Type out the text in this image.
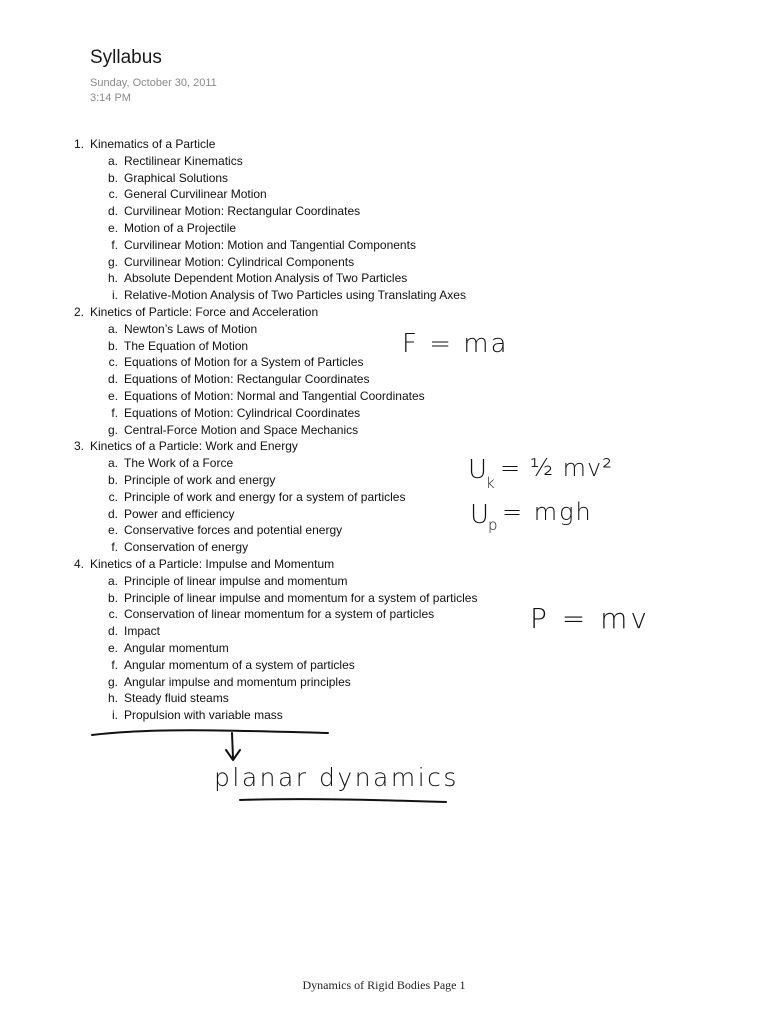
Syllabus
Sunday, October 30, 2011
3:14 PM
1. Kinematics of a Particle
a. Rectilinear Kinematics
b. Graphical Solutions
c. General Curvilinear Motion
d. Curvilinear Motion: Rectangular Coordinates
e. Motion of a Projectile
f. Curvilinear Motion: Motion and Tangential Components
g. Curvilinear Motion: Cylindrical Components
h. Absolute Dependent Motion Analysis of Two Particles
i. Relative-Motion Analysis of Two Particles using Translating Axes
2. Kinetics of Particle: Force and Acceleration
a. Newton’s Laws of Motion
b. The Equation of Motion
c. Equations of Motion for a System of Particles
d. Equations of Motion: Rectangular Coordinates
e. Equations of Motion: Normal and Tangential Coordinates
f. Equations of Motion: Cylindrical Coordinates
g. Central-Force Motion and Space Mechanics
3. Kinetics of a Particle: Work and Energy
a. The Work of a Force
b. Principle of work and energy
c. Principle of work and energy for a system of particles
d. Power and efficiency
e. Conservative forces and potential energy
f. Conservation of energy
4. Kinetics of a Particle: Impulse and Momentum
a. Principle of linear impulse and momentum
b. Principle of linear impulse and momentum for a system of particles
c. Conservation of linear momentum for a system of particles
d. Impact
e. Angular momentum
f. Angular momentum of a system of particles
g. Angular impulse and momentum principles
h. Steady fluid steams
i. Propulsion with variable mass
F = ma
U
k
= ½ mv²
U
p = mgh
P = mv
planar dynamics
Dynamics of Rigid Bodies Page 1
